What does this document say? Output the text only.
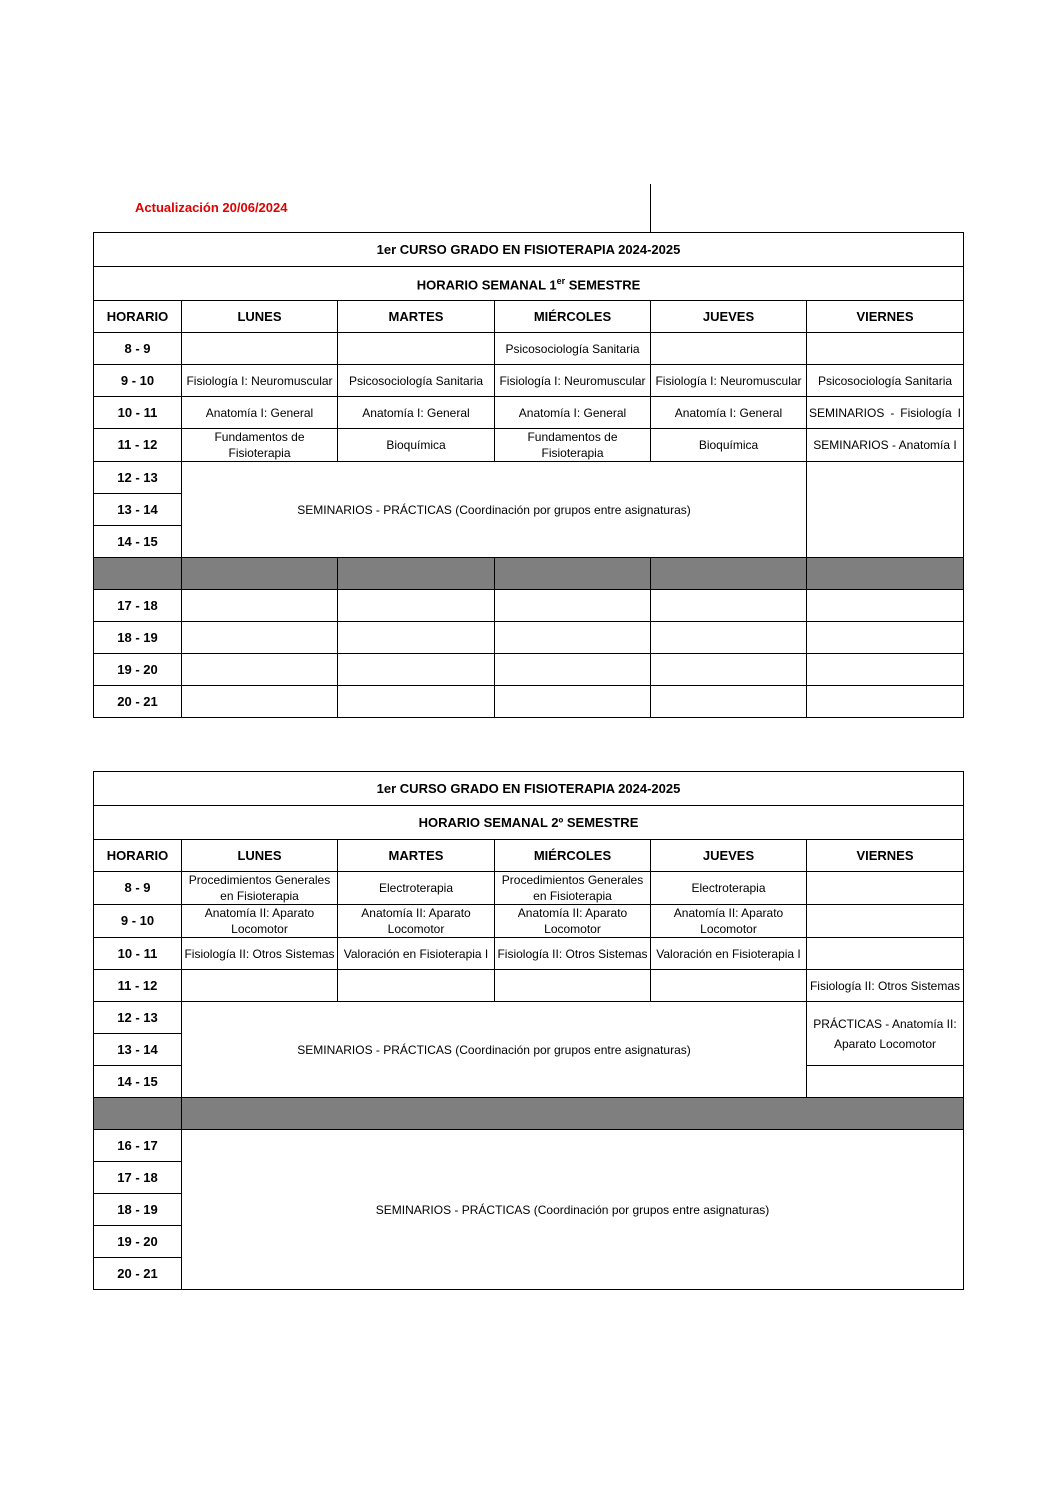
Actualización 20/06/2024
1er CURSO GRADO EN FISIOTERAPIA 2024-2025					
HORARIO SEMANAL 1er SEMESTRE					
HORARIO	LUNES	MARTES	MIÉRCOLES	JUEVES	VIERNES
8 - 9			Psicosociología Sanitaria		
9 - 10	Fisiología I: Neuromuscular	Psicosociología Sanitaria	Fisiología I: Neuromuscular	Fisiología I: Neuromuscular	Psicosociología Sanitaria
10 - 11	Anatomía I: General	Anatomía I: General	Anatomía I: General	Anatomía I: General	SEMINARIOS - Fisiología I
11 - 12	Fundamentos de Fisioterapia	Bioquímica	Fundamentos de Fisioterapia	Bioquímica	SEMINARIOS - Anatomía I
12 - 13	SEMINARIOS - PRÁCTICAS (Coordinación por grupos entre asignaturas)				
13 - 14					
14 - 15					

17 - 18					
18 - 19					
19 - 20					
20 - 21					
1er CURSO GRADO EN FISIOTERAPIA 2024-2025					
HORARIO SEMANAL 2º SEMESTRE					
HORARIO	LUNES	MARTES	MIÉRCOLES	JUEVES	VIERNES
8 - 9	Procedimientos Generales en Fisioterapia	Electroterapia	Procedimientos Generales en Fisioterapia	Electroterapia	
9 - 10	Anatomía II: Aparato Locomotor	Anatomía II: Aparato Locomotor	Anatomía II: Aparato Locomotor	Anatomía II: Aparato Locomotor	
10 - 11	Fisiología II: Otros Sistemas	Valoración en Fisioterapia I	Fisiología II: Otros Sistemas	Valoración en Fisioterapia I	
11 - 12					Fisiología II: Otros Sistemas
12 - 13	SEMINARIOS - PRÁCTICAS (Coordinación por grupos entre asignaturas)				PRÁCTICAS - Anatomía II: Aparato Locomotor
13 - 14					
14 - 15					

16 - 17	SEMINARIOS - PRÁCTICAS (Coordinación por grupos entre asignaturas)				
17 - 18					
18 - 19					
19 - 20					
20 - 21					
